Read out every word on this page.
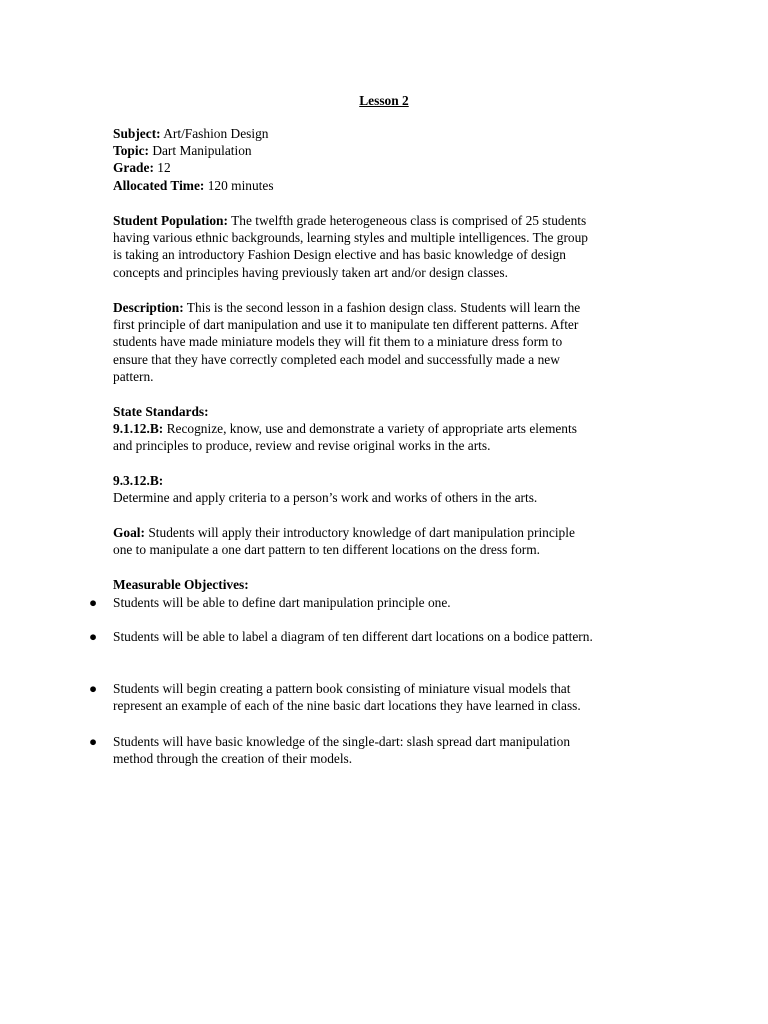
Lesson 2
Subject: Art/Fashion Design
Topic: Dart Manipulation
Grade: 12
Allocated Time: 120 minutes
Student Population: The twelfth grade heterogeneous class is comprised of 25 students
having various ethnic backgrounds, learning styles and multiple intelligences. The group
is taking an introductory Fashion Design elective and has basic knowledge of design
concepts and principles having previously taken art and/or design classes.
Description: This is the second lesson in a fashion design class. Students will learn the
first principle of dart manipulation and use it to manipulate ten different patterns. After
students have made miniature models they will fit them to a miniature dress form to
ensure that they have correctly completed each model and successfully made a new
pattern.
State Standards:
9.1.12.B: Recognize, know, use and demonstrate a variety of appropriate arts elements
and principles to produce, review and revise original works in the arts.
9.3.12.B:
Determine and apply criteria to a person’s work and works of others in the arts.
Goal: Students will apply their introductory knowledge of dart manipulation principle
one to manipulate a one dart pattern to ten different locations on the dress form.
Measurable Objectives:
● Students will be able to define dart manipulation principle one.
● Students will be able to label a diagram of ten different dart locations on a bodice pattern.
● Students will begin creating a pattern book consisting of miniature visual models that
represent an example of each of the nine basic dart locations they have learned in class.
● Students will have basic knowledge of the single-dart: slash spread dart manipulation
method through the creation of their models.
